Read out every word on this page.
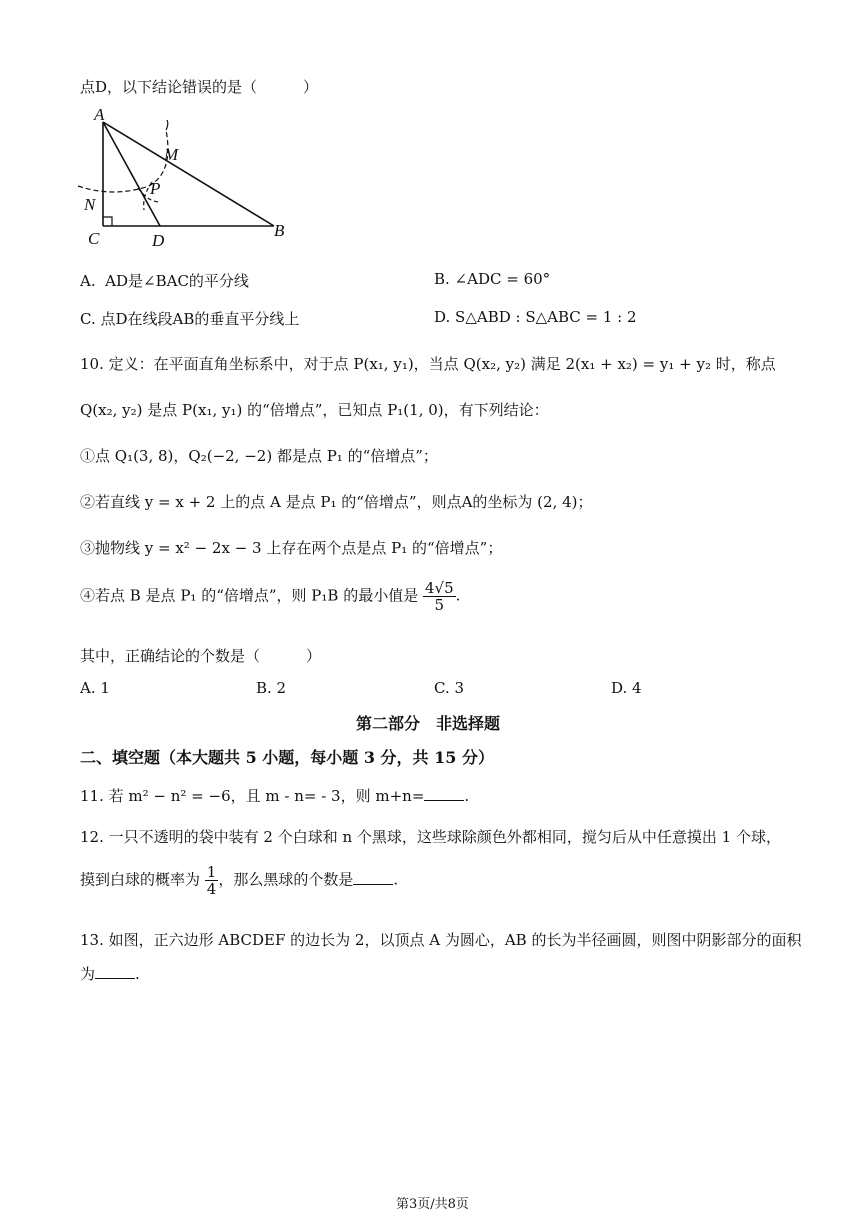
点D，以下结论错误的是（	）
A
M
P
N
C	D
B
A. AD是∠BAC的平分线	B. ∠ADC = 60°
C. 点D在线段AB的垂直平分线上	D. S△ABD : S△ABC = 1 : 2
10. 定义：在平面直角坐标系中，对于点 P(x₁, y₁)，当点 Q(x₂, y₂) 满足 2(x₁ + x₂) = y₁ + y₂ 时，称点
Q(x₂, y₂) 是点 P(x₁, y₁) 的“倍增点”，已知点 P₁(1, 0)，有下列结论：
①点 Q₁(3, 8)，Q₂(−2, −2) 都是点 P₁ 的“倍增点”；
②若直线 y = x + 2 上的点 A 是点 P₁ 的“倍增点”，则点A的坐标为 (2, 4)；
③抛物线 y = x² − 2x − 3 上存在两个点是点 P₁ 的“倍增点”；
④若点 B 是点 P₁ 的“倍增点”，则 P₁B 的最小值是 $\frac{4√5}{5}$ .
其中，正确结论的个数是（	）
A. 1	B. 2	C. 3	D. 4
第二部分　非选择题
二、填空题（本大题共 5 小题，每小题 3 分，共 15 分）
11. 若 m² − n² = −6，且 m - n= - 3，则 m+n=	.
12. 一只不透明的袋中装有 2 个白球和 n 个黑球，这些球除颜色外都相同，搅匀后从中任意摸出 1 个球，
摸到白球的概率为 $\frac{1}{4}$ ，那么黑球的个数是	.
13. 如图，正六边形 ABCDEF 的边长为 2，以顶点 A 为圆心，AB 的长为半径画圆，则图中阴影部分的面积
为	.
第3页/共8页
